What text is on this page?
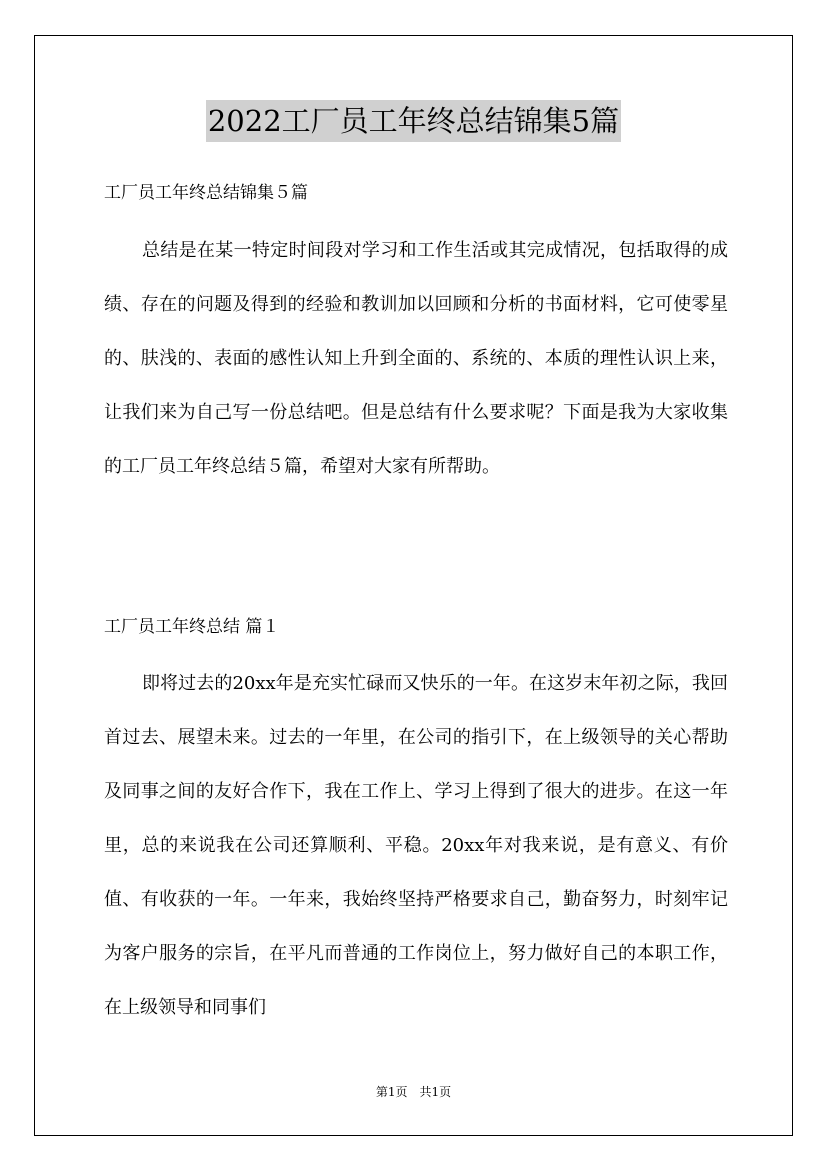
2022工厂员工年终总结锦集5篇
工厂员工年终总结锦集５篇

总结是在某一特定时间段对学习和工作生活或其完成情况，包括取得的成绩、存在的问题及得到的经验和教训加以回顾和分析的书面材料，它可使零星的、肤浅的、表面的感性认知上升到全面的、系统的、本质的理性认识上来，让我们来为自己写一份总结吧。但是总结有什么要求呢？下面是我为大家收集的工厂员工年终总结５篇，希望对大家有所帮助。

工厂员工年终总结 篇１

即将过去的20xx年是充实忙碌而又快乐的一年。在这岁末年初之际，我回首过去、展望未来。过去的一年里，在公司的指引下，在上级领导的关心帮助及同事之间的友好合作下，我在工作上、学习上得到了很大的进步。在这一年里，总的来说我在公司还算顺利、平稳。20xx年对我来说，是有意义、有价值、有收获的一年。一年来，我始终坚持严格要求自己，勤奋努力，时刻牢记为客户服务的宗旨，在平凡而普通的工作岗位上，努力做好自己的本职工作，在上级领导和同事们

第1页　共1页
